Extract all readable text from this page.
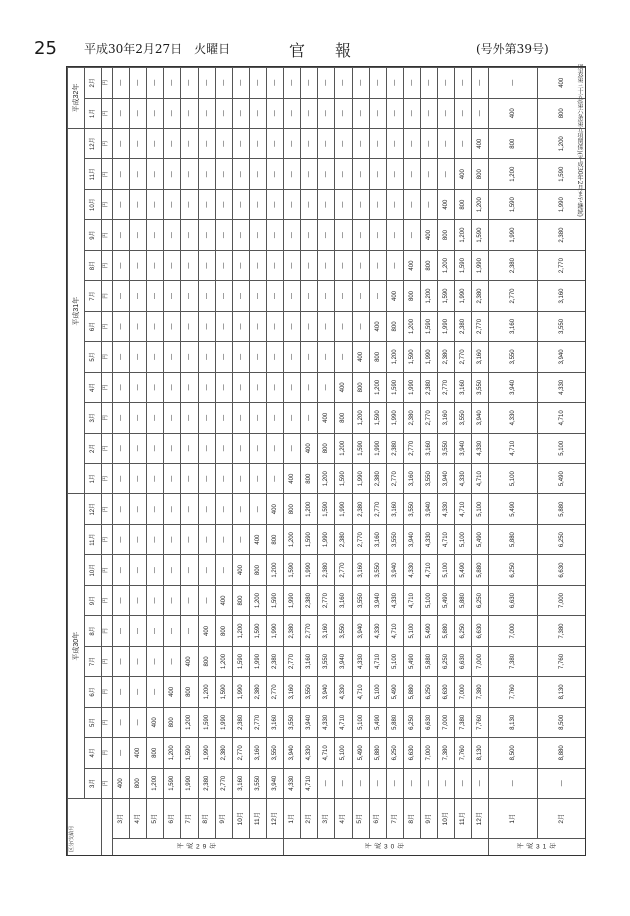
25 平成30年2月27日　火曜日	官報	(号外第39号)
別表第三十五(第六条第五項関係)(平成30年2月まで継続)
区分/支給月		平成30年										平成31年												平成32年	
		3月	4月	5月	6月	7月	8月	9月	10月	11月	12月	1月	2月	3月	4月	5月	6月	7月	8月	9月	10月	11月	12月	1月	2月
		円	円	円	円	円	円	円	円	円	円	円	円	円	円	円	円	円	円	円	円	円	円	円	円
平成29年	3月	400	—	—	—	—	—	—	—	—	—	—	—	—	—	—	—	—	—	—	—	—	—	—	—
	4月	800	400	—	—	—	—	—	—	—	—	—	—	—	—	—	—	—	—	—	—	—	—	—	—
	5月	1,200	800	400	—	—	—	—	—	—	—	—	—	—	—	—	—	—	—	—	—	—	—	—	—
	6月	1,590	1,200	800	400	—	—	—	—	—	—	—	—	—	—	—	—	—	—	—	—	—	—	—	—
	7月	1,990	1,590	1,200	800	400	—	—	—	—	—	—	—	—	—	—	—	—	—	—	—	—	—	—	—
	8月	2,380	1,990	1,590	1,200	800	400	—	—	—	—	—	—	—	—	—	—	—	—	—	—	—	—	—	—
	9月	2,770	2,380	1,990	1,590	1,200	800	400	—	—	—	—	—	—	—	—	—	—	—	—	—	—	—	—	—
	10月	3,160	2,770	2,380	1,990	1,590	1,200	800	400	—	—	—	—	—	—	—	—	—	—	—	—	—	—	—	—
	11月	3,550	3,160	2,770	2,380	1,990	1,590	1,200	800	400	—	—	—	—	—	—	—	—	—	—	—	—	—	—	—
	12月	3,940	3,550	3,160	2,770	2,380	1,990	1,590	1,200	800	400	—	—	—	—	—	—	—	—	—	—	—	—	—	—
平成30年	1月	4,330	3,940	3,550	3,160	2,770	2,380	1,990	1,590	1,200	800	400	—	—	—	—	—	—	—	—	—	—	—	—	—
	2月	4,710	4,330	3,940	3,550	3,160	2,770	2,380	1,990	1,590	1,200	800	400	—	—	—	—	—	—	—	—	—	—	—	—
	3月	—	4,710	4,330	3,940	3,550	3,160	2,770	2,380	1,990	1,590	1,200	800	400	—	—	—	—	—	—	—	—	—	—	—
	4月	—	5,100	4,710	4,330	3,940	3,550	3,160	2,770	2,380	1,990	1,590	1,200	800	400	—	—	—	—	—	—	—	—	—	—
	5月	—	5,490	5,100	4,710	4,330	3,940	3,550	3,160	2,770	2,380	1,990	1,590	1,200	800	400	—	—	—	—	—	—	—	—	—
	6月	—	5,880	5,490	5,100	4,710	4,330	3,940	3,550	3,160	2,770	2,380	1,990	1,590	1,200	800	400	—	—	—	—	—	—	—	—
	7月	—	6,250	5,880	5,490	5,100	4,710	4,330	3,940	3,550	3,160	2,770	2,380	1,990	1,590	1,200	800	400	—	—	—	—	—	—	—
	8月	—	6,630	6,250	5,880	5,490	5,100	4,710	4,330	3,940	3,550	3,160	2,770	2,380	1,990	1,590	1,200	800	400	—	—	—	—	—	—
	9月	—	7,000	6,630	6,250	5,880	5,490	5,100	4,710	4,330	3,940	3,550	3,160	2,770	2,380	1,990	1,590	1,200	800	400	—	—	—	—	—
	10月	—	7,380	7,000	6,630	6,250	5,880	5,490	5,100	4,710	4,330	3,940	3,550	3,160	2,770	2,380	1,990	1,590	1,200	800	400	—	—	—	—
	11月	—	7,760	7,380	7,000	6,630	6,250	5,880	5,490	5,100	4,710	4,330	3,940	3,550	3,160	2,770	2,380	1,990	1,590	1,200	800	400	—	—	—
	12月	—	8,130	7,760	7,380	7,000	6,630	6,250	5,880	5,490	5,100	4,710	4,330	3,940	3,550	3,160	2,770	2,380	1,990	1,590	1,200	800	400	—	—
平成31年	1月	—	8,500	8,130	7,760	7,380	7,000	6,630	6,250	5,880	5,490	5,100	4,710	4,330	3,940	3,550	3,160	2,770	2,380	1,990	1,590	1,200	800	400	—
	2月	—	8,880	8,500	8,130	7,760	7,380	7,000	6,630	6,250	5,880	5,490	5,100	4,710	4,330	3,940	3,550	3,160	2,770	2,380	1,990	1,590	1,200	800	400
